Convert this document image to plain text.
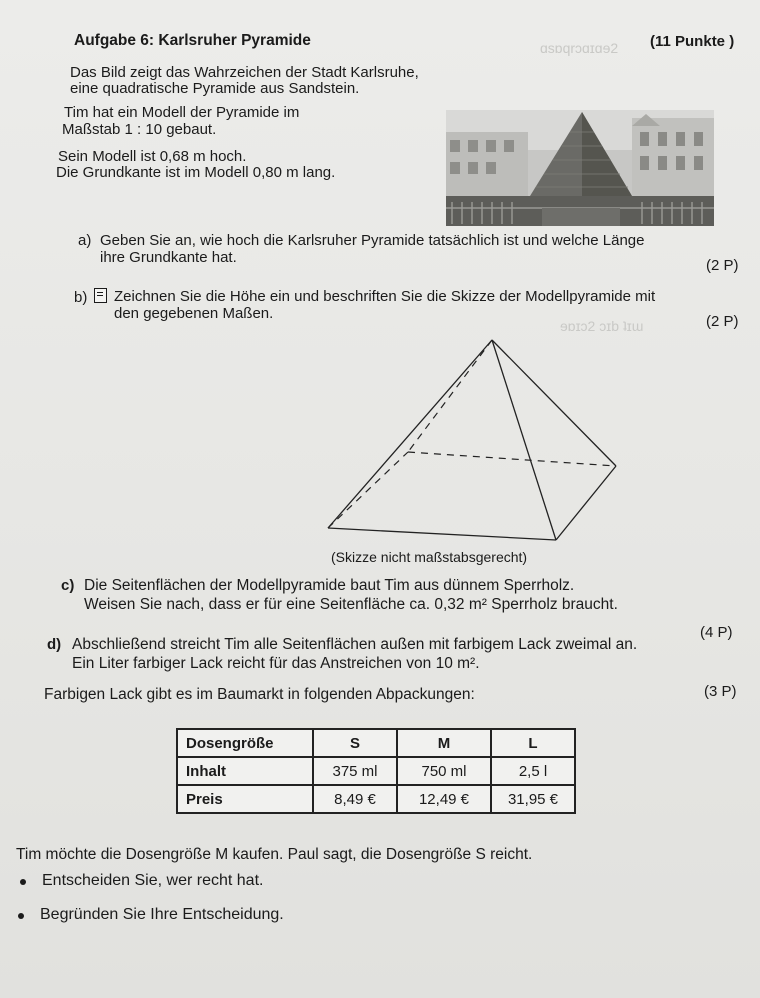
ɑsɒqrɔɑɪɑɘ2
ɘɒɪɔ2 ɔɪb ʇɪɯ
Aufgabe 6: Karlsruher Pyramide	(11 Punkte )
Das Bild zeigt das Wahrzeichen der Stadt Karlsruhe,
eine quadratische Pyramide aus Sandstein.
Tim hat ein Modell der Pyramide im
Maßstab 1 : 10 gebaut.
Sein Modell ist 0,68 m hoch.
Die Grundkante ist im Modell 0,80 m lang.
a) Geben Sie an, wie hoch die Karlsruher Pyramide tatsächlich ist und welche Länge
ihre Grundkante hat.	(2 P)
b) Zeichnen Sie die Höhe ein und beschriften Sie die Skizze der Modellpyramide mit
den gegebenen Maßen.	(2 P)
(Skizze nicht maßstabsgerecht)
c) Die Seitenflächen der Modellpyramide baut Tim aus dünnem Sperrholz.
Weisen Sie nach, dass er für eine Seitenfläche ca. 0,32 m² Sperrholz braucht.
(4 P)
d) Abschließend streicht Tim alle Seitenflächen außen mit farbigem Lack zweimal an.
Ein Liter farbiger Lack reicht für das Anstreichen von 10 m².
(3 P)
Farbigen Lack gibt es im Baumarkt in folgenden Abpackungen:
Dosengröße	S	M	L
Inhalt	375 ml	750 ml	2,5 l
Preis	8,49 €	12,49 €	31,95 €
Tim möchte die Dosengröße M kaufen. Paul sagt, die Dosengröße S reicht.
Entscheiden Sie, wer recht hat.
Begründen Sie Ihre Entscheidung.
